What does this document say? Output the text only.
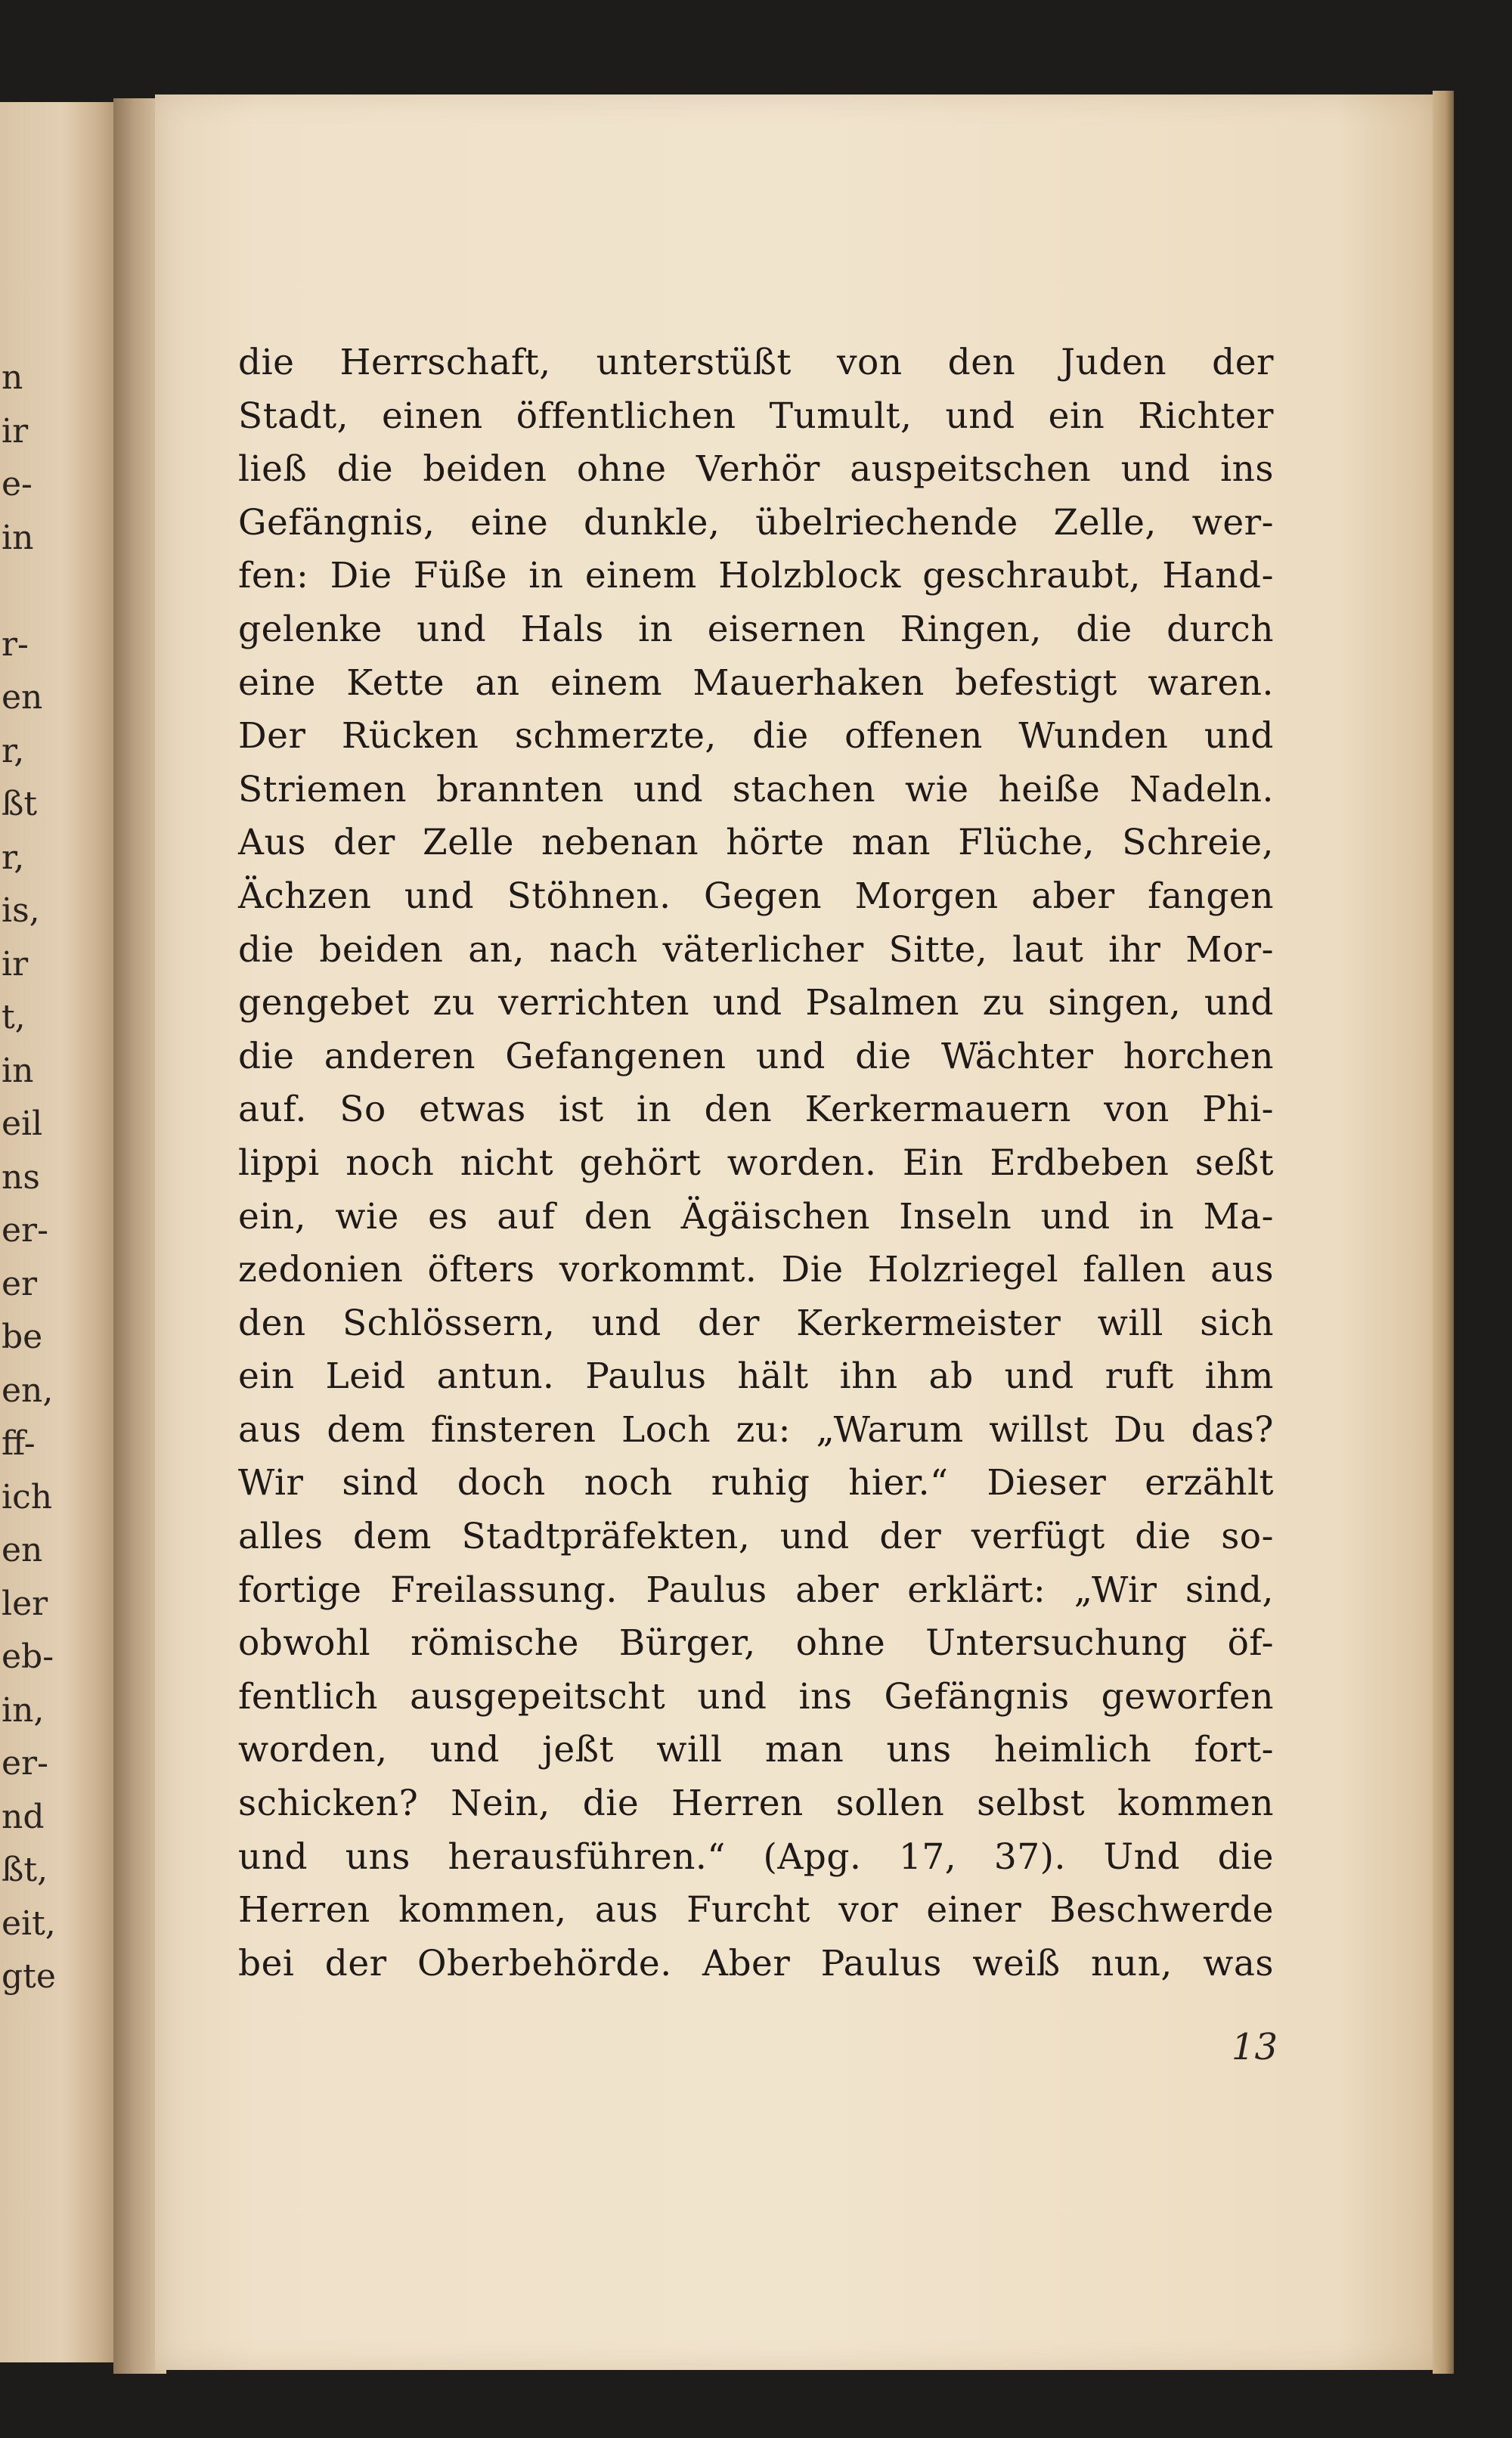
n
ir
e-
in
r-
en
r,
ßt
r,
is,
ir
t,
in
eil
ns
er-
er
be
en,
ff-
ich
en
ler
eb-
in,
er-
nd
ßt,
eit,
gte
die Herrschaft, unterstüßt von den Juden der
Stadt, einen öffentlichen Tumult, und ein Richter
ließ die beiden ohne Verhör auspeitschen und ins
Gefängnis, eine dunkle, übelriechende Zelle, wer-
fen: Die Füße in einem Holzblock geschraubt, Hand-
gelenke und Hals in eisernen Ringen, die durch
eine Kette an einem Mauerhaken befestigt waren.
Der Rücken schmerzte, die offenen Wunden und
Striemen brannten und stachen wie heiße Nadeln.
Aus der Zelle nebenan hörte man Flüche, Schreie,
Ächzen und Stöhnen. Gegen Morgen aber fangen
die beiden an, nach väterlicher Sitte, laut ihr Mor-
gengebet zu verrichten und Psalmen zu singen, und
die anderen Gefangenen und die Wächter horchen
auf. So etwas ist in den Kerkermauern von Phi-
lippi noch nicht gehört worden. Ein Erdbeben seßt
ein, wie es auf den Ägäischen Inseln und in Ma-
zedonien öfters vorkommt. Die Holzriegel fallen aus
den Schlössern, und der Kerkermeister will sich
ein Leid antun. Paulus hält ihn ab und ruft ihm
aus dem finsteren Loch zu: „Warum willst Du das?
Wir sind doch noch ruhig hier.“ Dieser erzählt
alles dem Stadtpräfekten, und der verfügt die so-
fortige Freilassung. Paulus aber erklärt: „Wir sind,
obwohl römische Bürger, ohne Untersuchung öf-
fentlich ausgepeitscht und ins Gefängnis geworfen
worden, und jeßt will man uns heimlich fort-
schicken? Nein, die Herren sollen selbst kommen
und uns herausführen.“ (Apg. 17, 37). Und die
Herren kommen, aus Furcht vor einer Beschwerde
bei der Oberbehörde. Aber Paulus weiß nun, was
13
